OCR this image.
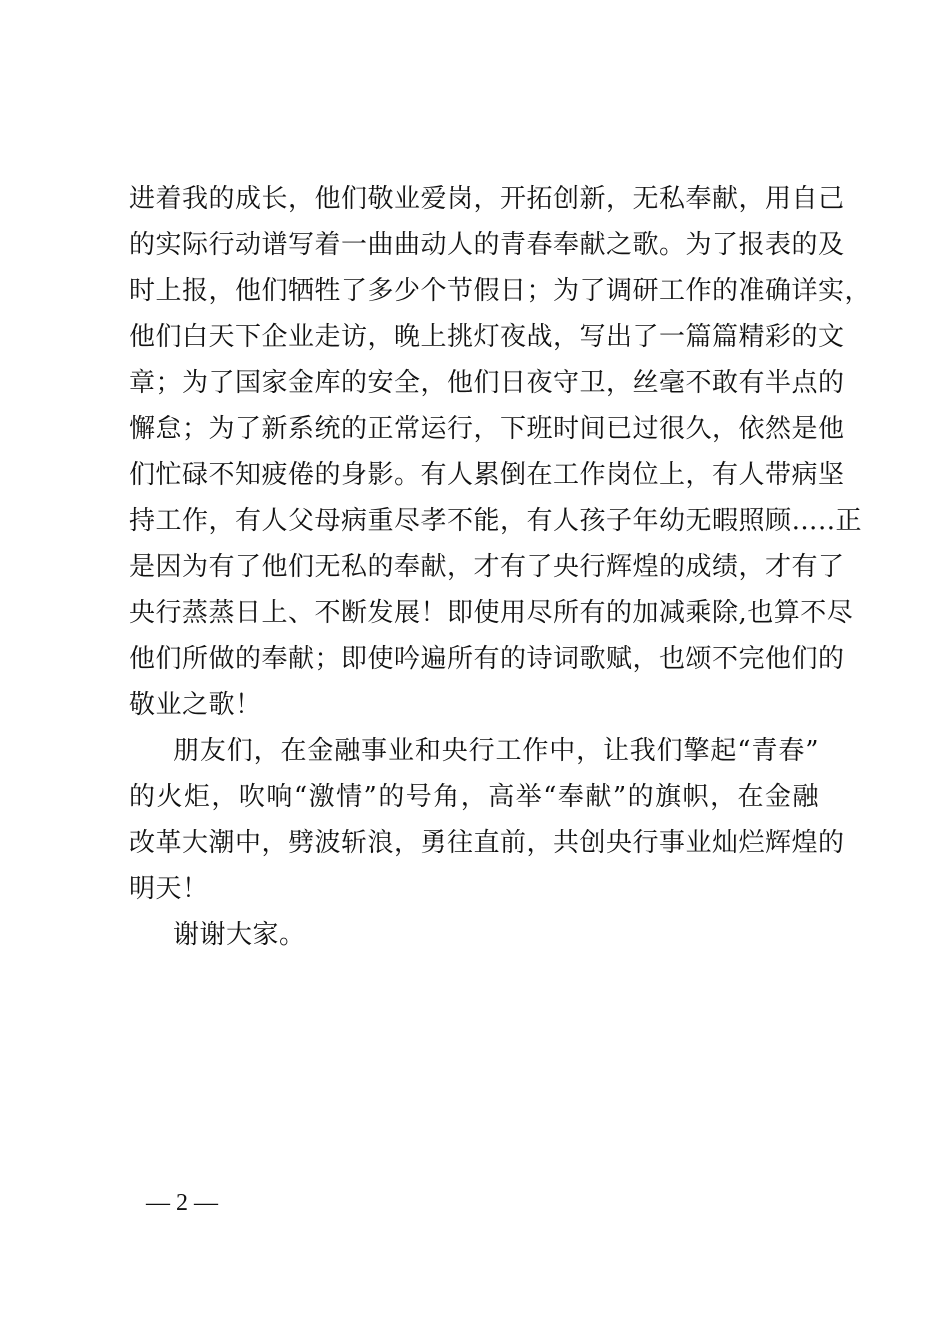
进着我的成长，他们敬业爱岗，开拓创新，无私奉献，用自己
的实际行动谱写着一曲曲动人的青春奉献之歌。为了报表的及
时上报，他们牺牲了多少个节假日；为了调研工作的准确详实，
他们白天下企业走访，晚上挑灯夜战，写出了一篇篇精彩的文
章；为了国家金库的安全，他们日夜守卫，丝毫不敢有半点的
懈怠；为了新系统的正常运行，下班时间已过很久，依然是他
们忙碌不知疲倦的身影。有人累倒在工作岗位上，有人带病坚
持工作，有人父母病重尽孝不能，有人孩子年幼无暇照顾…..正
是因为有了他们无私的奉献，才有了央行辉煌的成绩，才有了
央行蒸蒸日上、不断发展！即使用尽所有的加减乘除,也算不尽
他们所做的奉献；即使吟遍所有的诗词歌赋，也颂不完他们的
敬业之歌！
朋友们，在金融事业和央行工作中，让我们擎起“青春”
的火炬，吹响“激情”的号角，高举“奉献”的旗帜，在金融
改革大潮中，劈波斩浪，勇往直前，共创央行事业灿烂辉煌的
明天！
谢谢大家。
— 2 —
